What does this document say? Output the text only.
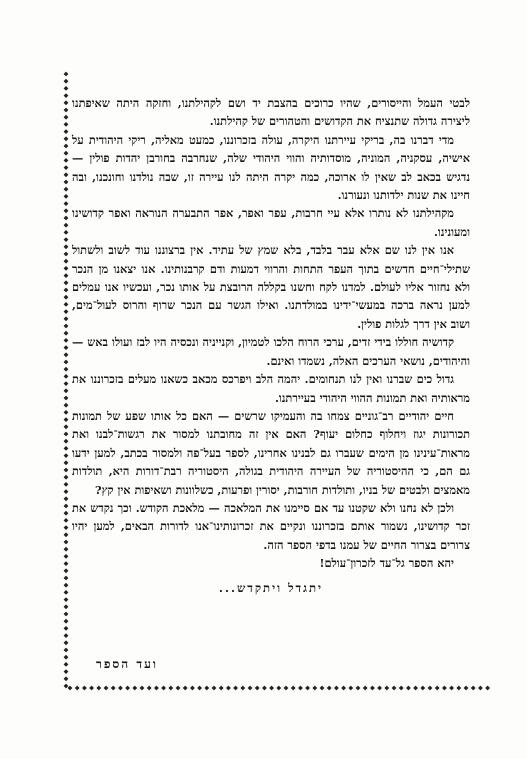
לבטי העמל והייסורים, שהיו כרוכים בהצבת יד ושם לקהילתנו, וחזקה היתה שאיפתנו ליצירה גדולה שתנציח את הקדושים והטהורים של קהילתנו.

מדי דברנו בה, בריקי עיירתנו היקרה, עולה בזכרוננו, כמעט מאליה, ריקי היהודית על אישיה, עסקניה, המוניה, מוסדותיה והווי היהודי שלה, שנחרבה בחורבן יהדות פולין — נדגיש בכאב לב שאין לו ארוכה, כמה יקרה היתה לנו עיירה זו, שבה נולדנו וחונכנו, ובה חיינו את שנות ילדותנו ונעורנו.

מקהילתנו לא נותרו אלא עיי חרבות, עפר ואפר, אפר התבערה הנוראה ואפר קדושינו ומעונינו.

אנו אין לנו שם אלא עבר בלבד, בלא שמץ של עתיד. אין ברצוננו עוד לשוב ולשתול שתילי־חיים חדשים בתוך העפר התחות והרווי דמעות ודם קרבנותינו. אנו יצאנו מן הנכר ולא נחזור אליו לעולם. למדנו לקח וחשנו בקללה הרובצת על אותו נכר, ועכשיו אנו עמלים למען נראה ברכה במעשי־ידינו במולדתנו. ואילו הגשר עם הנכר שרוף והרוס לעול־מים, ושוב אין דרך לגלות פולין.

קדושיה חוללו בידי זדים, ערכי הרוח הלכו לטמיון, וקנייניה ונכסיה היו לבז ועולו באש — והיהודים, נושאי הערכים האלה, נשמדו ואינם.

גדול כים שברנו ואין לנו תנחומים. יהמה הלב ויפרכס מכאב כשאנו מעלים בזכרוננו את מראותיה ואת תמונות ההווי היהודי בעיירתנו.

חיים יהודיים רב־גוניים צמחו בה והעמיקו שרשים — האם כל אותו שפע של תמונות תכורונות יגוז ויחלוף כחלום יעוף? האם אין זה מחובתנו למסור את רגשות־לבנו ואת מראות־עינינו מן הימים שעברו גם לבנינו אחרינו, לספר בעל־פה ולמסור בכתב, למען ידעו גם הם, כי ההיסטוריה של העיירה היהודית בגולה, היסטוריה רבת־דורות היא, תולדות מאמצים ולבטים של בניו, ותולדות חורבות, יסורין ופרעות, כשלוונות ושאיפות אין קץ?

ולכן לא נחנו ולא שקטנו עד אם סיימנו את המלאכה — מלאכת הקודש. וכך נקדש את זכר קדושינו, נשמור אותם בזכרוננו ונקיים את זכרונותינו־אנו לדורות הבאים, למען יהיו צרורים בצרור החיים של עמנו בדפי הספר הזה.

יהא הספר גל־עד לזכרון־עולם!

יתגדל ויתקדש...
ועד הספר
